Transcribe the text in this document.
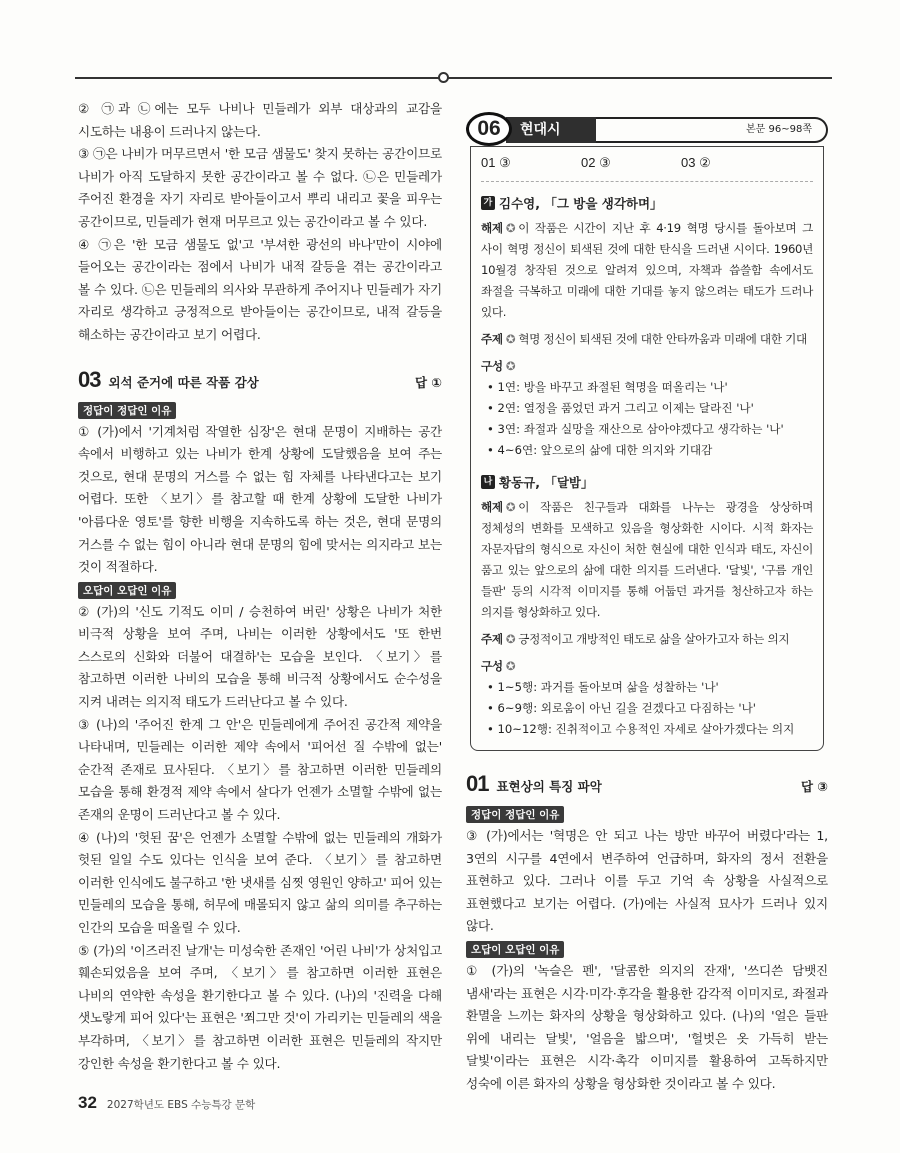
② ㉠과 ㉡에는 모두 나비나 민들레가 외부 대상과의 교감을 시도하는 내용이 드러나지 않는다.

③ ㉠은 나비가 머무르면서 '한 모금 샘물도' 찾지 못하는 공간이므로 나비가 아직 도달하지 못한 공간이라고 볼 수 없다. ㉡은 민들레가 주어진 환경을 자기 자리로 받아들이고서 뿌리 내리고 꽃을 피우는 공간이므로, 민들레가 현재 머무르고 있는 공간이라고 볼 수 있다.

④ ㉠은 '한 모금 샘물도 없'고 '부셔한 광선의 바나'만이 시야에 들어오는 공간이라는 점에서 나비가 내적 갈등을 겪는 공간이라고 볼 수 있다. ㉡은 민들레의 의사와 무관하게 주어지나 민들레가 자기 자리로 생각하고 긍정적으로 받아들이는 공간이므로, 내적 갈등을 해소하는 공간이라고 보기 어렵다.

03 외석 준거에 따른 작품 감상	답 ①
정답이 정답인 이유

① (가)에서 '기계처럼 작열한 심장'은 현대 문명이 지배하는 공간 속에서 비행하고 있는 나비가 한계 상황에 도달했음을 보여 주는 것으로, 현대 문명의 거스를 수 없는 힘 자체를 나타낸다고는 보기 어렵다. 또한 〈보기〉를 참고할 때 한계 상황에 도달한 나비가 '아름다운 영토'를 향한 비행을 지속하도록 하는 것은, 현대 문명의 거스를 수 없는 힘이 아니라 현대 문명의 힘에 맞서는 의지라고 보는 것이 적절하다.

오답이 오답인 이유

② (가)의 '신도 기적도 이미 / 승천하여 버린' 상황은 나비가 처한 비극적 상황을 보여 주며, 나비는 이러한 상황에서도 '또 한번 스스로의 신화와 더불어 대결하'는 모습을 보인다. 〈보기〉를 참고하면 이러한 나비의 모습을 통해 비극적 상황에서도 순수성을 지켜 내려는 의지적 태도가 드러난다고 볼 수 있다.

③ (나)의 '주어진 한계 그 안'은 민들레에게 주어진 공간적 제약을 나타내며, 민들레는 이러한 제약 속에서 '피어선 질 수밖에 없는' 순간적 존재로 묘사된다. 〈보기〉를 참고하면 이러한 민들레의 모습을 통해 환경적 제약 속에서 살다가 언젠가 소멸할 수밖에 없는 존재의 운명이 드러난다고 볼 수 있다.

④ (나)의 '헛된 꿈'은 언젠가 소멸할 수밖에 없는 민들레의 개화가 헛된 일일 수도 있다는 인식을 보여 준다. 〈보기〉를 참고하면 이러한 인식에도 불구하고 '한 냇새를 심찟 영원인 양하고' 피어 있는 민들레의 모습을 통해, 허무에 매몰되지 않고 삶의 의미를 추구하는 인간의 모습을 떠올릴 수 있다.

⑤ (가)의 '이즈러진 날개'는 미성숙한 존재인 '어린 나비'가 상처입고 훼손되었음을 보여 주며, 〈보기〉를 참고하면 이러한 표현은 나비의 연약한 속성을 환기한다고 볼 수 있다. (나)의 '진력을 다해 샛노랗게 피어 있다'는 표현은 '쬐그만 것'이 가리키는 민들레의 색을 부각하며, 〈보기〉를 참고하면 이러한 표현은 민들레의 작지만 강인한 속성을 환기한다고 볼 수 있다.

06	현대시	본문 96~98쪽
01 ③	02 ③	03 ②
가 김수영, 「그 방을 생각하며」

해제 ✪ 이 작품은 시간이 지난 후 4·19 혁명 당시를 돌아보며 그 사이 혁명 정신이 퇴색된 것에 대한 탄식을 드러낸 시이다. 1960년 10월경 창작된 것으로 알려져 있으며, 자책과 씁쓸함 속에서도 좌절을 극복하고 미래에 대한 기대를 놓지 않으려는 태도가 드러나 있다.

주제 ✪ 혁명 정신이 퇴색된 것에 대한 안타까움과 미래에 대한 기대

구성 ✪

• 1연: 방을 바꾸고 좌절된 혁명을 떠올리는 '나'
• 2연: 열정을 품었던 과거 그리고 이제는 달라진 '나'
• 3연: 좌절과 실망을 재산으로 삼아야겠다고 생각하는 '나'
• 4~6연: 앞으로의 삶에 대한 의지와 기대감
나 황동규, 「달밤」

해제 ✪ 이 작품은 친구들과 대화를 나누는 광경을 상상하며 정체성의 변화를 모색하고 있음을 형상화한 시이다. 시적 화자는 자문자답의 형식으로 자신이 처한 현실에 대한 인식과 태도, 자신이 품고 있는 앞으로의 삶에 대한 의지를 드러낸다. '달빛', '구름 개인 들판' 등의 시각적 이미지를 통해 어둡던 과거를 청산하고자 하는 의지를 형상화하고 있다.

주제 ✪ 긍정적이고 개방적인 태도로 삶을 살아가고자 하는 의지

구성 ✪

• 1~5행: 과거를 돌아보며 삶을 성찰하는 '나'
• 6~9행: 외로움이 아닌 길을 걷겠다고 다짐하는 '나'
• 10~12행: 진취적이고 수용적인 자세로 살아가겠다는 의지
01 표현상의 특징 파악	답 ③
정답이 정답인 이유

③ (가)에서는 '혁명은 안 되고 나는 방만 바꾸어 버렸다'라는 1, 3연의 시구를 4연에서 변주하여 언급하며, 화자의 정서 전환을 표현하고 있다. 그러나 이를 두고 기억 속 상황을 사실적으로 표현했다고 보기는 어렵다. (가)에는 사실적 묘사가 드러나 있지 않다.

오답이 오답인 이유

① (가)의 '녹슬은 펜', '달콤한 의지의 잔재', '쓰디쓴 담뱃진 냄새'라는 표현은 시각·미각·후각을 활용한 감각적 이미지로, 좌절과 환멸을 느끼는 화자의 상황을 형상화하고 있다. (나)의 '얼은 들판 위에 내리는 달빛', '얼음을 밟으며', '헐벗은 옷 가득히 받는 달빛'이라는 표현은 시각·촉각 이미지를 활용하여 고독하지만 성숙에 이른 화자의 상황을 형상화한 것이라고 볼 수 있다.

32 2027학년도 EBS 수능특강 문학
